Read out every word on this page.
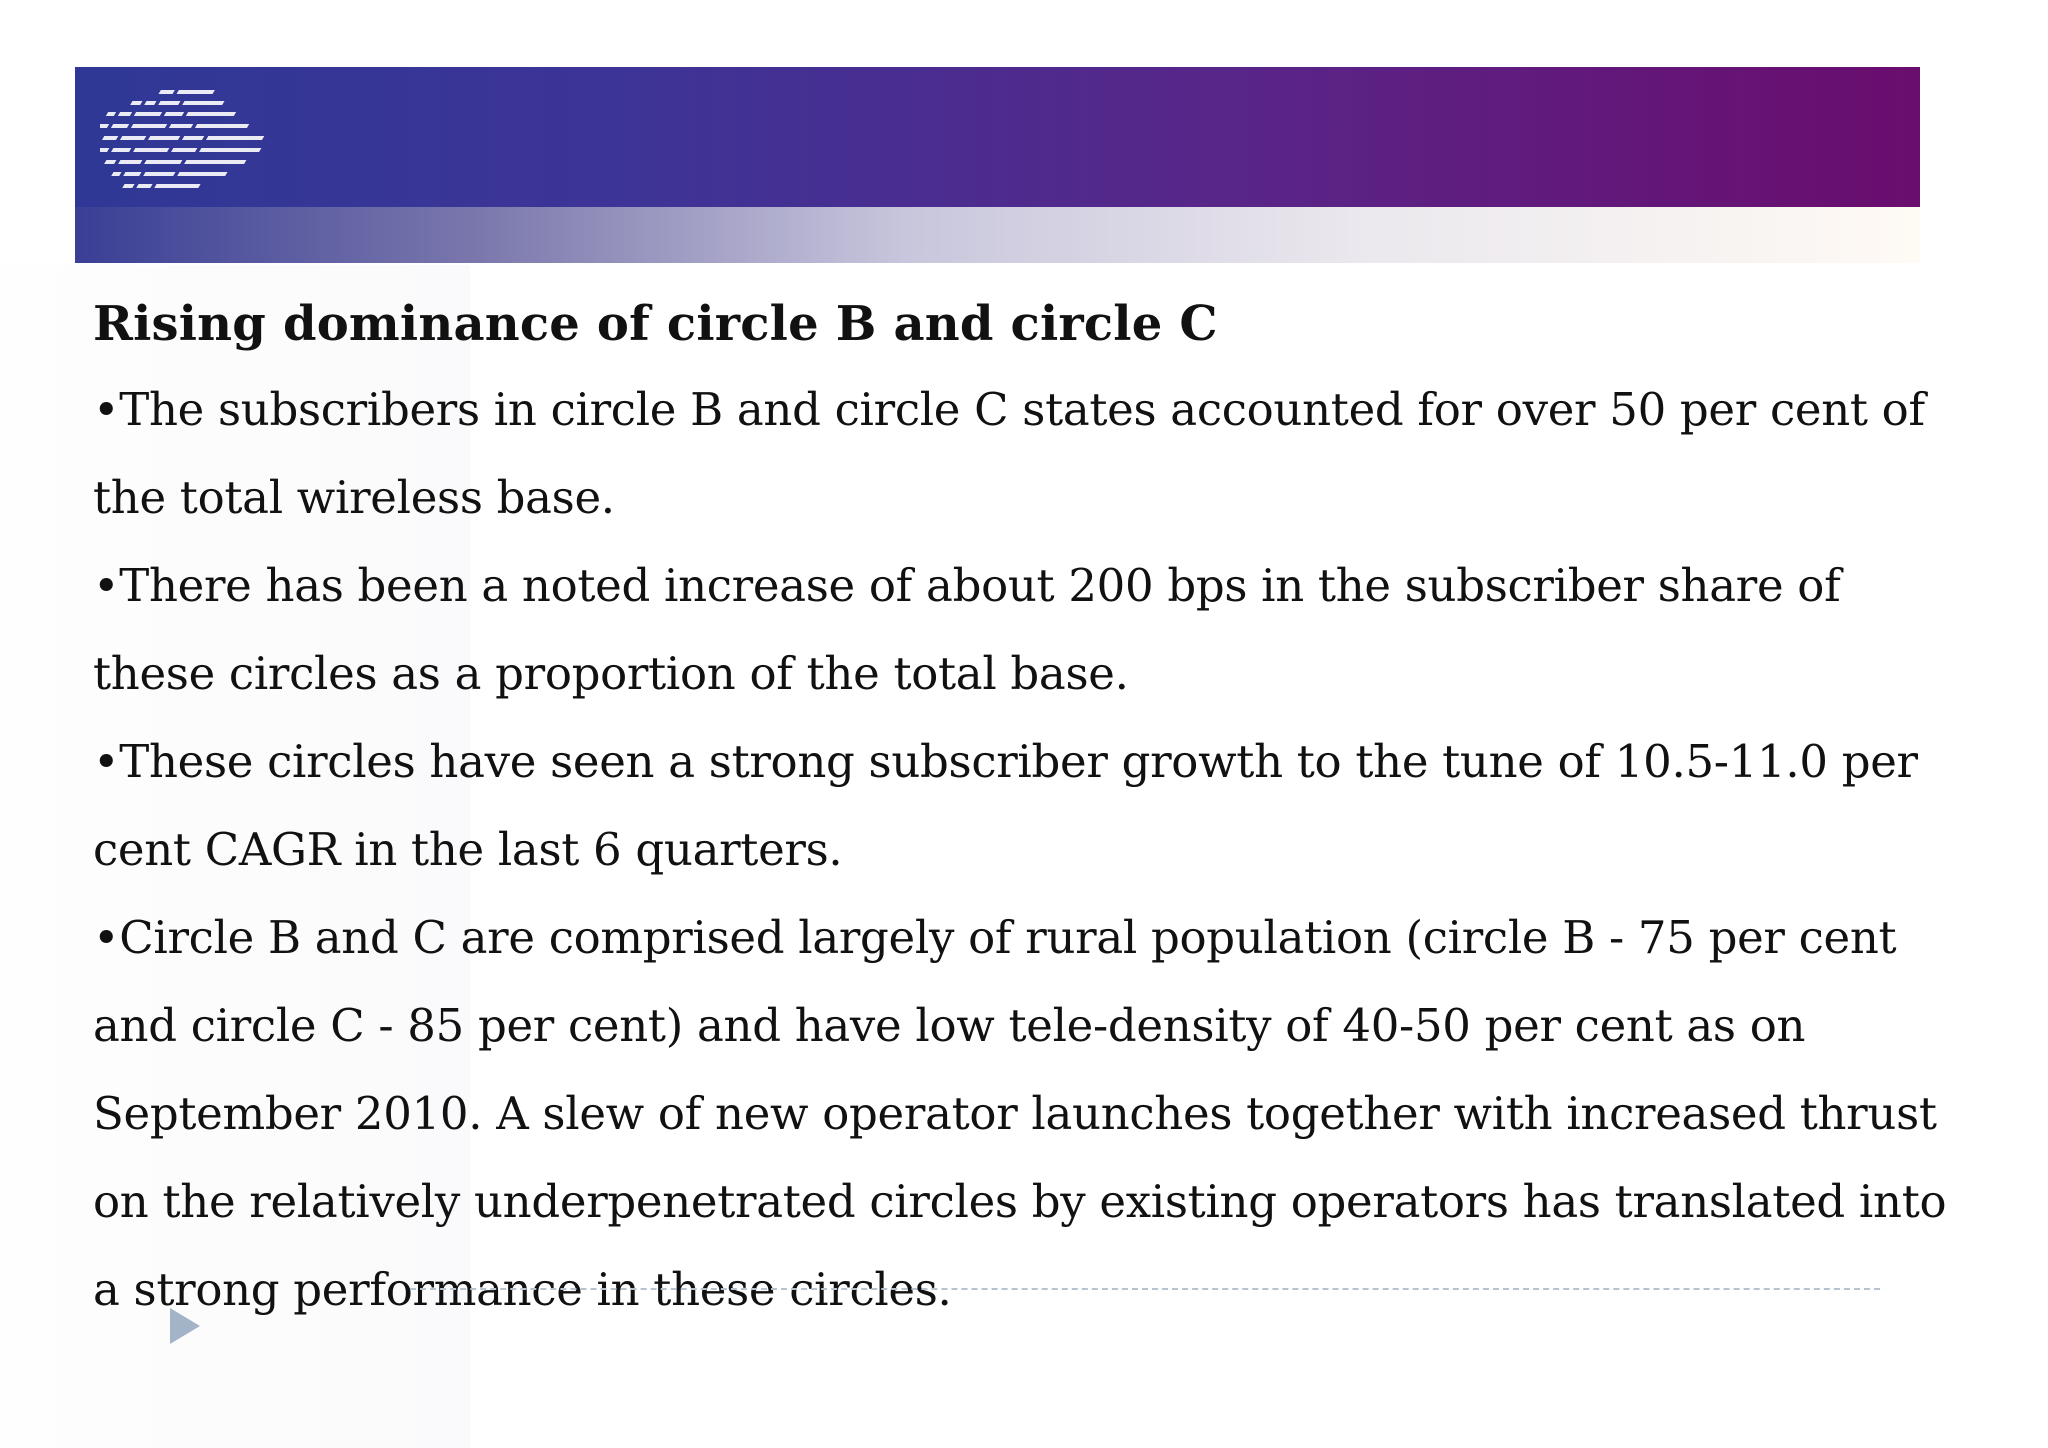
Rising dominance of circle B and circle C

•The subscribers in circle B and circle C states accounted for over 50 per cent of the total wireless base.

•There has been a noted increase of about 200 bps in the subscriber share of these circles as a proportion of the total base.

•These circles have seen a strong subscriber growth to the tune of 10.5-11.0 per cent CAGR in the last 6 quarters.

•Circle B and C are comprised largely of rural population (circle B - 75 per cent and circle C - 85 per cent) and have low tele-density of 40-50 per cent as on September 2010. A slew of new operator launches together with increased thrust on the relatively underpenetrated circles by existing operators has translated into a strong performance in these circles.
